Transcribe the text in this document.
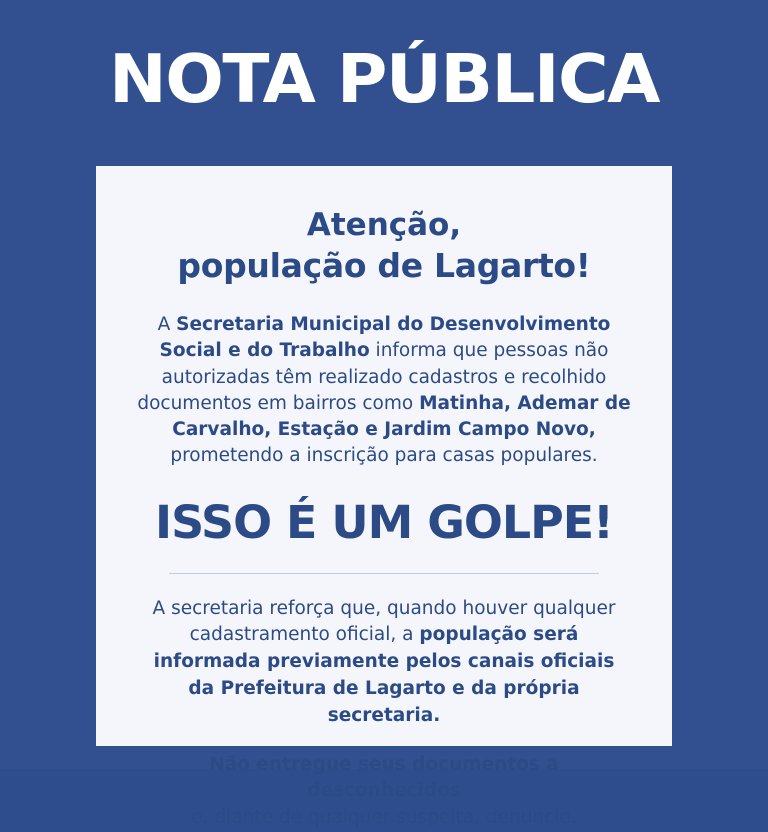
NOTA PÚBLICA
Atenção,
população de Lagarto!

A Secretaria Municipal do Desenvolvimento Social e do Trabalho informa que pessoas não autorizadas têm realizado cadastros e recolhido documentos em bairros como Matinha, Ademar de Carvalho, Estação e Jardim Campo Novo, prometendo a inscrição para casas populares.

ISSO É UM GOLPE!

A secretaria reforça que, quando houver qualquer cadastramento oficial, a população será informada previamente pelos canais oficiais da Prefeitura de Lagarto e da própria secretaria.

Não entregue seus documentos a desconhecidos
e, diante de qualquer suspeita, denuncie.
